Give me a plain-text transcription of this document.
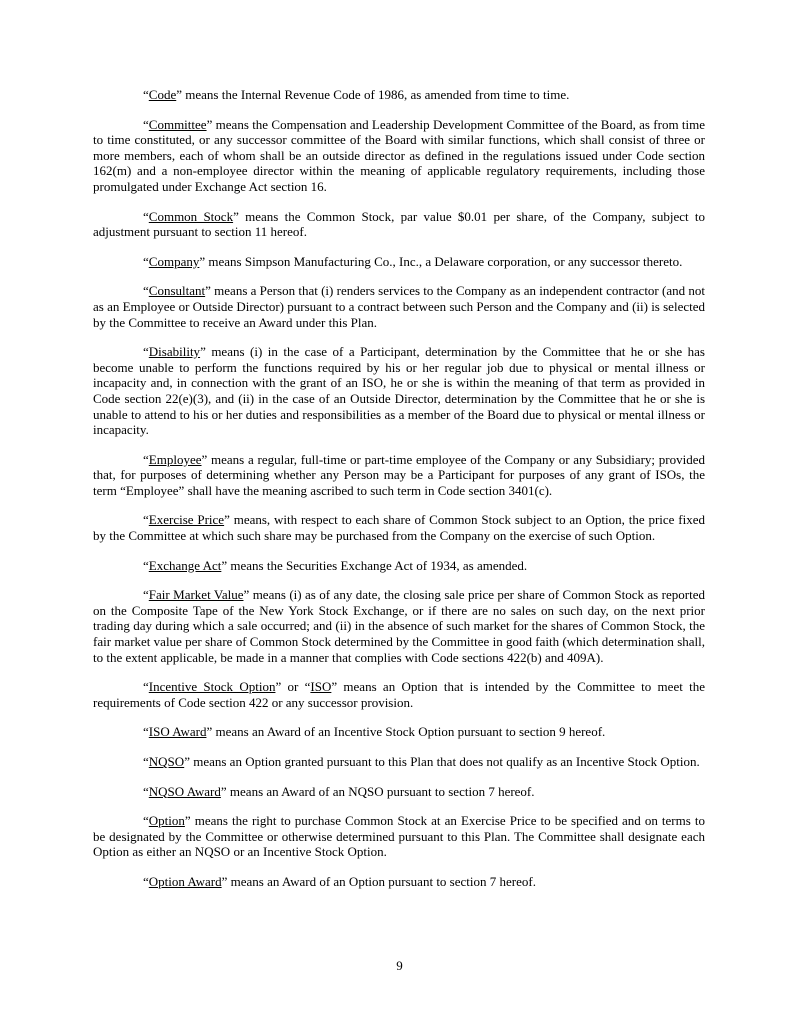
“Code” means the Internal Revenue Code of 1986, as amended from time to time.

“Committee” means the Compensation and Leadership Development Committee of the Board, as from time to time constituted, or any successor committee of the Board with similar functions, which shall consist of three or more members, each of whom shall be an outside director as defined in the regulations issued under Code section 162(m) and a non-employee director within the meaning of applicable regulatory requirements, including those promulgated under Exchange Act section 16.

“Common Stock” means the Common Stock, par value $0.01 per share, of the Company, subject to adjustment pursuant to section 11 hereof.

“Company” means Simpson Manufacturing Co., Inc., a Delaware corporation, or any successor thereto.

“Consultant” means a Person that (i) renders services to the Company as an independent contractor (and not as an Employee or Outside Director) pursuant to a contract between such Person and the Company and (ii) is selected by the Committee to receive an Award under this Plan.

“Disability” means (i) in the case of a Participant, determination by the Committee that he or she has become unable to perform the functions required by his or her regular job due to physical or mental illness or incapacity and, in connection with the grant of an ISO, he or she is within the meaning of that term as provided in Code section 22(e)(3), and (ii) in the case of an Outside Director, determination by the Committee that he or she is unable to attend to his or her duties and responsibilities as a member of the Board due to physical or mental illness or incapacity.

“Employee” means a regular, full-time or part-time employee of the Company or any Subsidiary; provided that, for purposes of determining whether any Person may be a Participant for purposes of any grant of ISOs, the term “Employee” shall have the meaning ascribed to such term in Code section 3401(c).

“Exercise Price” means, with respect to each share of Common Stock subject to an Option, the price fixed by the Committee at which such share may be purchased from the Company on the exercise of such Option.

“Exchange Act” means the Securities Exchange Act of 1934, as amended.

“Fair Market Value” means (i) as of any date, the closing sale price per share of Common Stock as reported on the Composite Tape of the New York Stock Exchange, or if there are no sales on such day, on the next prior trading day during which a sale occurred; and (ii) in the absence of such market for the shares of Common Stock, the fair market value per share of Common Stock determined by the Committee in good faith (which determination shall, to the extent applicable, be made in a manner that complies with Code sections 422(b) and 409A).

“Incentive Stock Option” or “ISO” means an Option that is intended by the Committee to meet the requirements of Code section 422 or any successor provision.

“ISO Award” means an Award of an Incentive Stock Option pursuant to section 9 hereof.

“NQSO” means an Option granted pursuant to this Plan that does not qualify as an Incentive Stock Option.

“NQSO Award” means an Award of an NQSO pursuant to section 7 hereof.

“Option” means the right to purchase Common Stock at an Exercise Price to be specified and on terms to be designated by the Committee or otherwise determined pursuant to this Plan. The Committee shall designate each Option as either an NQSO or an Incentive Stock Option.

“Option Award” means an Award of an Option pursuant to section 7 hereof.

9
